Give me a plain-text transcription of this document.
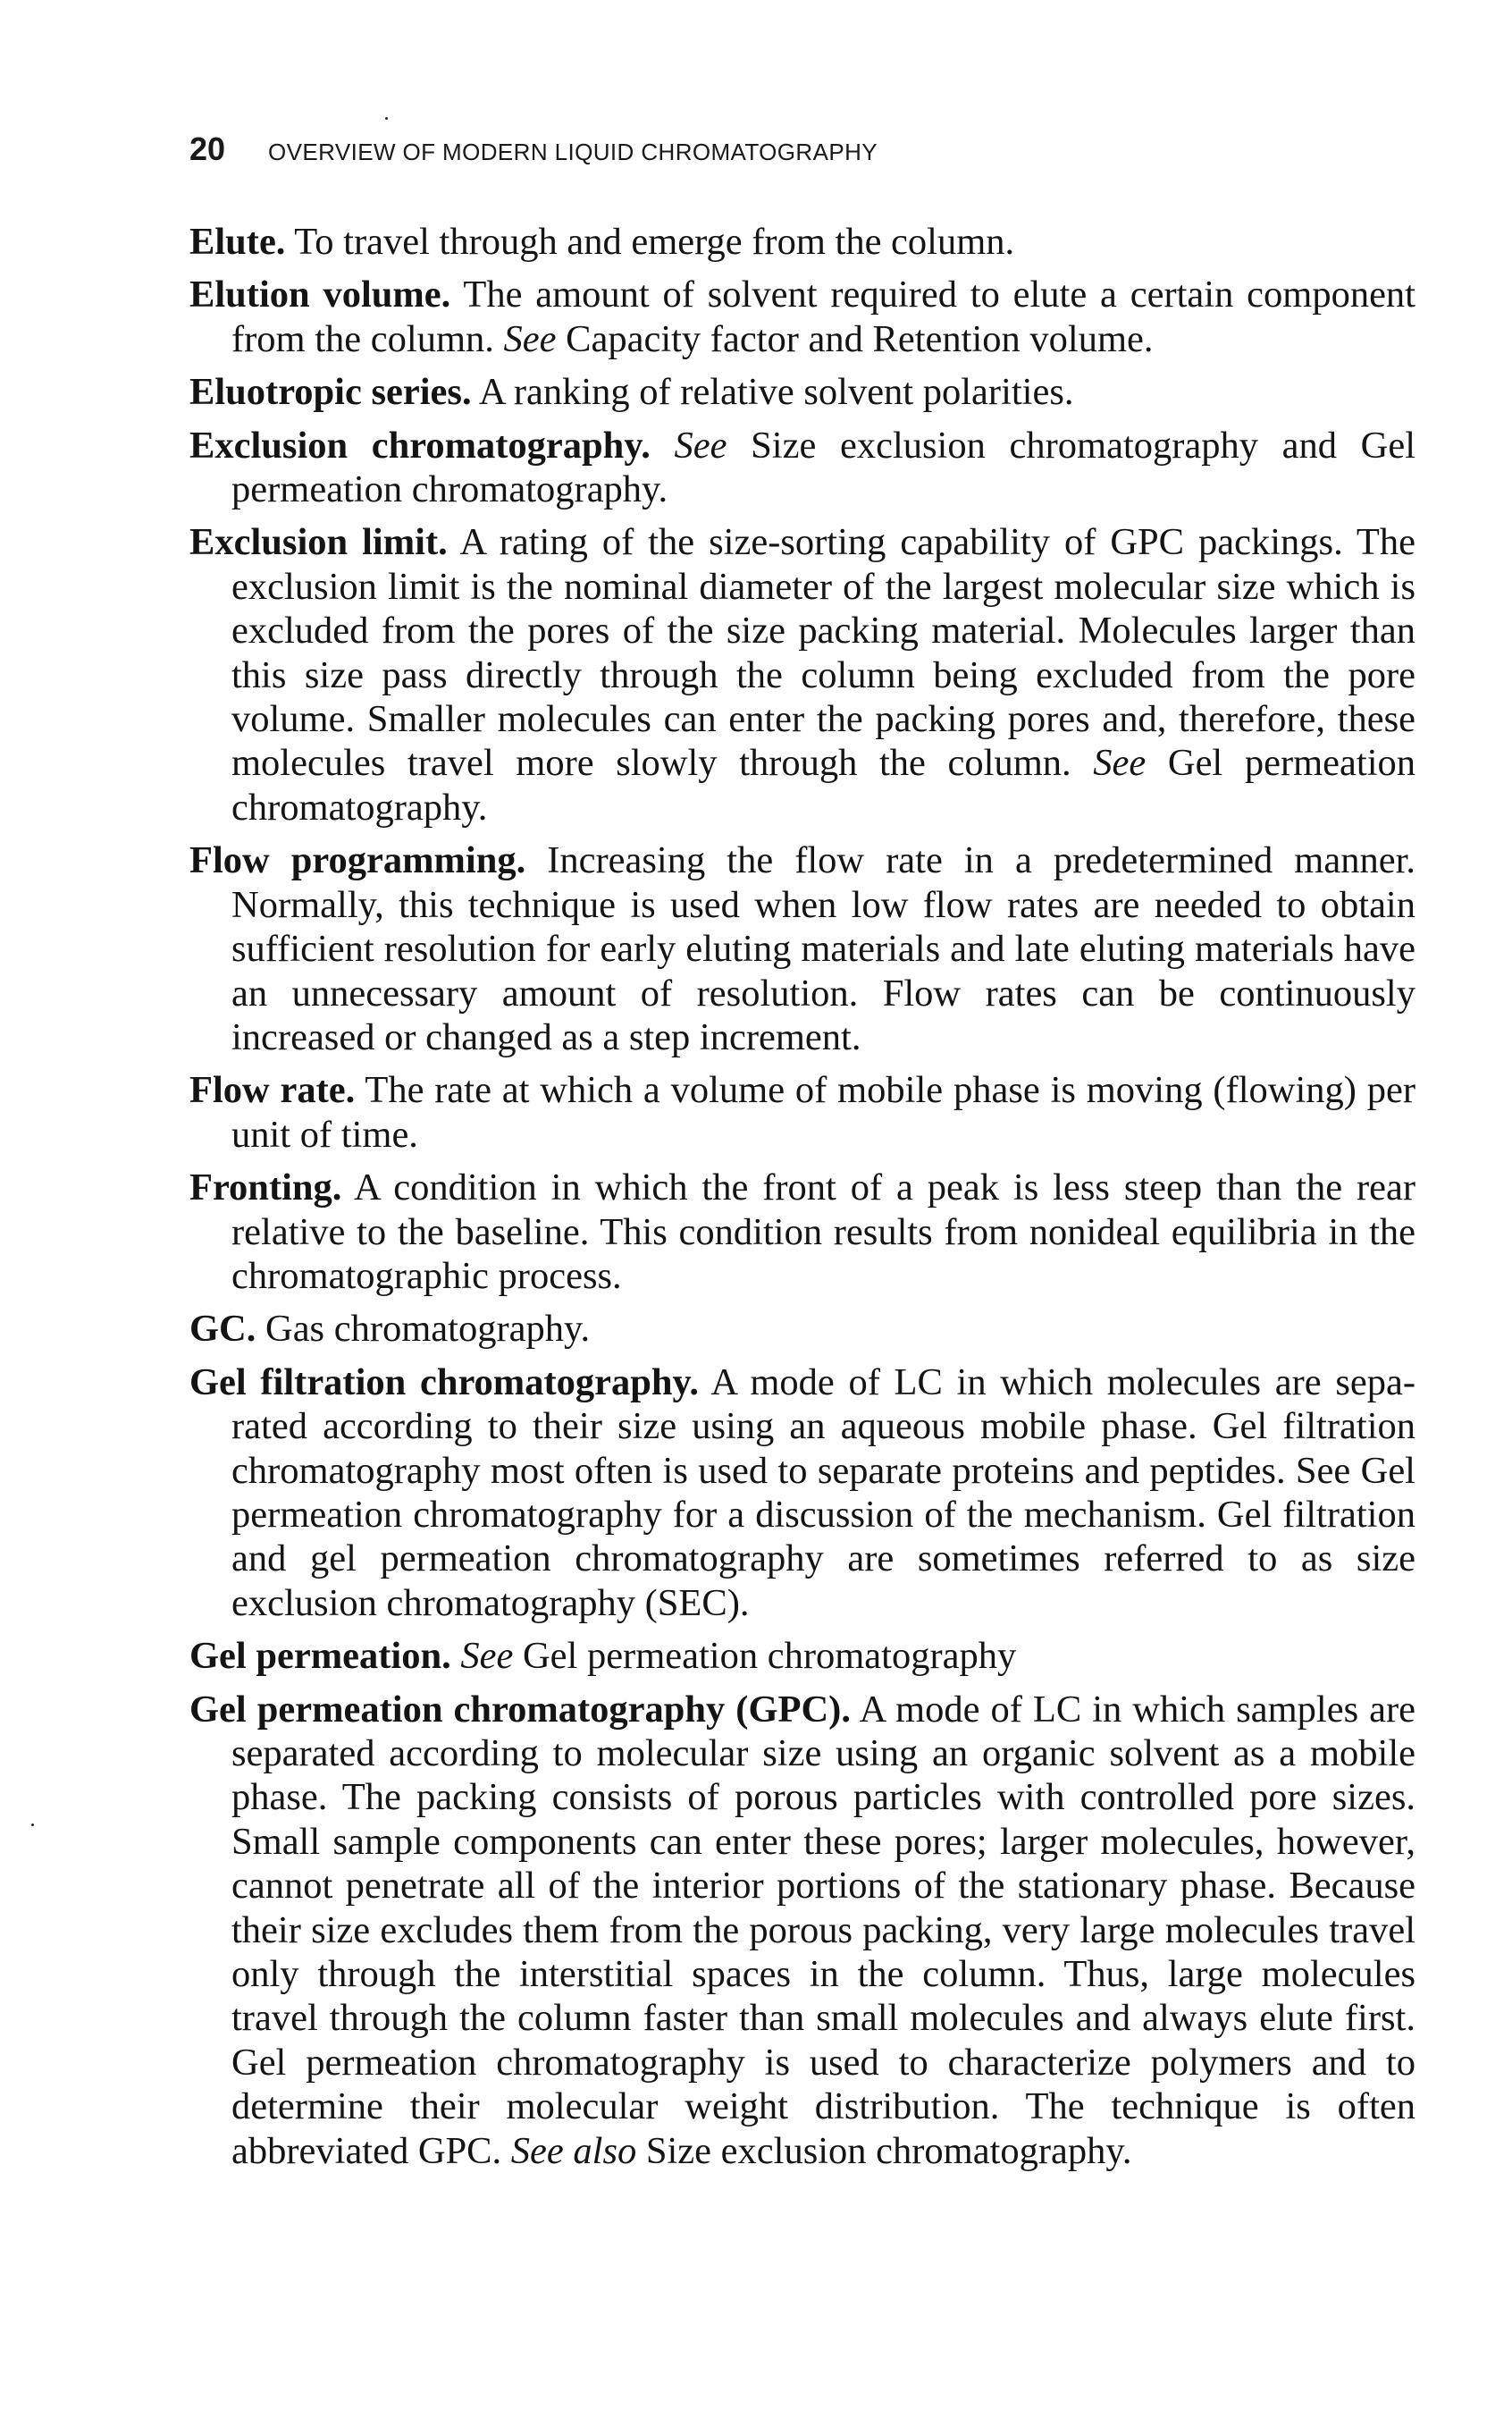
20 OVERVIEW OF MODERN LIQUID CHROMATOGRAPHY
Elute. To travel through and emerge from the column.
Elution volume. The amount of solvent required to elute a certain component from the column. See Capacity factor and Retention volume.
Eluotropic series. A ranking of relative solvent polarities.
Exclusion chromatography. See Size exclusion chromatography and Gel permeation chromatography.
Exclusion limit. A rating of the size-sorting capability of GPC packings. The exclusion limit is the nominal diameter of the largest molecular size which is excluded from the pores of the size packing material. Molecules larger than this size pass directly through the column being excluded from the pore volume. Smaller molecules can enter the packing pores and, therefore, these molecules travel more slowly through the column. See Gel permeation chromatography.
Flow programming. Increasing the flow rate in a predetermined manner. Normally, this technique is used when low flow rates are needed to obtain sufficient resolution for early eluting materials and late eluting materials have an unnecessary amount of resolution. Flow rates can be continuously increased or changed as a step increment.
Flow rate. The rate at which a volume of mobile phase is moving (flowing) per unit of time.
Fronting. A condition in which the front of a peak is less steep than the rear relative to the baseline. This condition results from nonideal equilibria in the chromatographic process.
GC. Gas chromatography.
Gel filtration chromatography. A mode of LC in which molecules are separated according to their size using an aqueous mobile phase. Gel filtration chromatography most often is used to separate proteins and peptides. See Gel permeation chromatography for a discussion of the mechanism. Gel filtration and gel permeation chromatography are sometimes referred to as size exclusion chromatography (SEC).
Gel permeation. See Gel permeation chromatography
Gel permeation chromatography (GPC). A mode of LC in which samples are separated according to molecular size using an organic solvent as a mobile phase. The packing consists of porous particles with controlled pore sizes. Small sample components can enter these pores; larger molecules, however, cannot penetrate all of the interior portions of the stationary phase. Because their size excludes them from the porous packing, very large molecules travel only through the interstitial spaces in the column. Thus, large molecules travel through the column faster than small molecules and always elute first. Gel permeation chromatography is used to characterize polymers and to determine their molecular weight distribution. The technique is often abbreviated GPC. See also Size exclusion chromatography.
